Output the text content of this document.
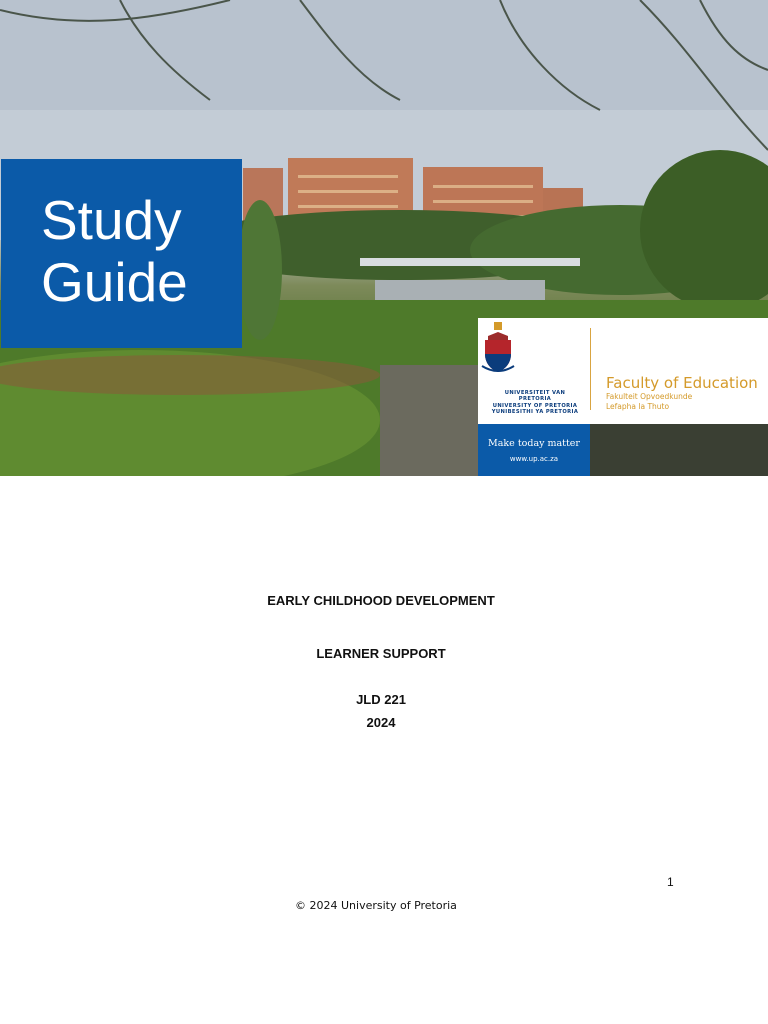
Study
Guide
UNIVERSITEIT VAN PRETORIA
UNIVERSITY OF PRETORIA
YUNIBESITHI YA PRETORIA
Faculty of Education
Fakulteit Opvoedkunde
Lefapha la Thuto
Make today matter
www.up.ac.za
EARLY CHILDHOOD DEVELOPMENT
LEARNER SUPPORT
JLD 221
2024
1
© 2024 University of Pretoria
